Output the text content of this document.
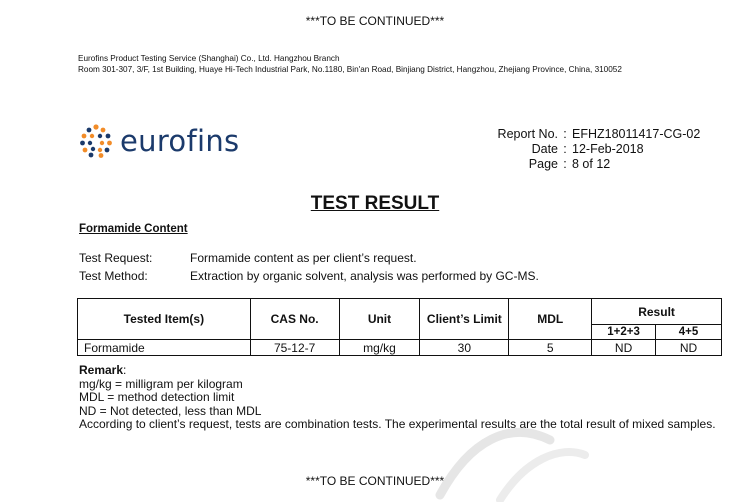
***TO BE CONTINUED***
Eurofins Product Testing Service (Shanghai) Co., Ltd. Hangzhou Branch
Room 301-307, 3/F, 1st Building, Huaye Hi-Tech Industrial Park, No.1180, Bin'an Road, Binjiang District, Hangzhou, Zhejiang Province, China, 310052
eurofins	Report No. : EFHZ18011417-CG-02
Date : 12-Feb-2018
Page : 8 of 12
TEST RESULT
Formamide Content
Test Request:	Formamide content as per client’s request.
Test Method:	Extraction by organic solvent, analysis was performed by GC-MS.
Tested Item(s)	CAS No.	Unit	Client’s Limit	MDL	Result	
					1+2+3	4+5
Formamide	75-12-7	mg/kg	30	5	ND	ND
Remark:
mg/kg = milligram per kilogram
MDL = method detection limit
ND = Not detected, less than MDL
According to client’s request, tests are combination tests. The experimental results are the total result of mixed samples.
***TO BE CONTINUED***
